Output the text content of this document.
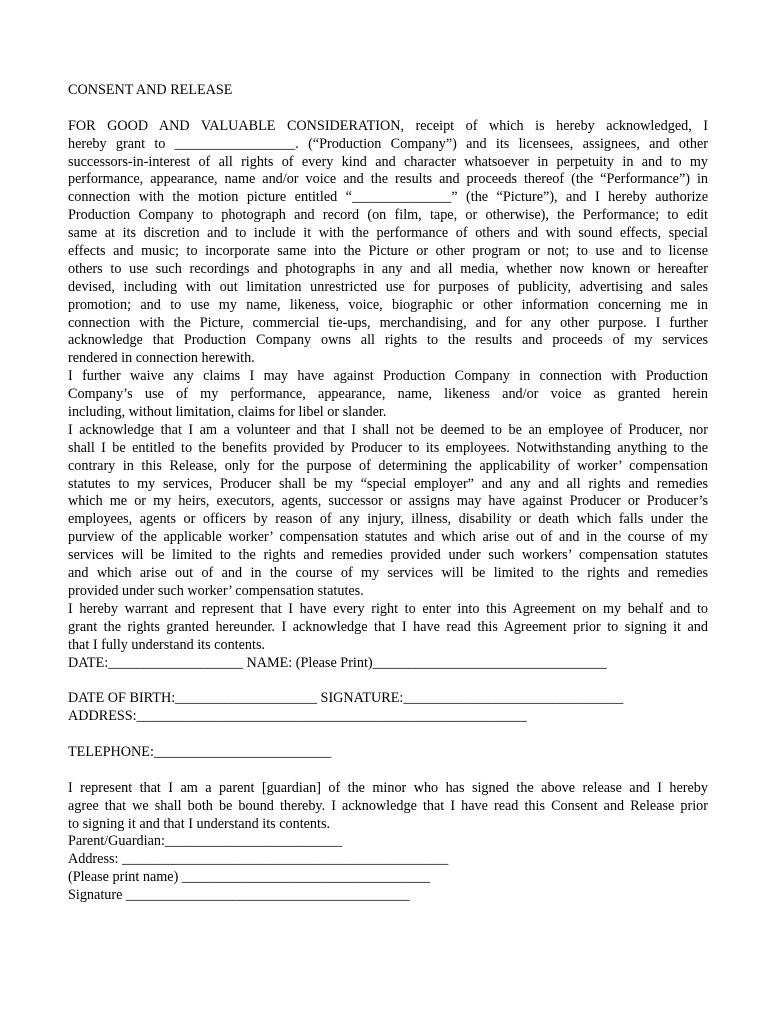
CONSENT AND RELEASE
FOR GOOD AND VALUABLE CONSIDERATION, receipt of which is hereby acknowledged, I
hereby grant to _________________. (“Production Company”) and its licensees, assignees, and other
successors-in-interest of all rights of every kind and character whatsoever in perpetuity in and to my
performance, appearance, name and/or voice and the results and proceeds thereof (the “Performance”) in
connection with the motion picture entitled “______________” (the “Picture”), and I hereby authorize
Production Company to photograph and record (on film, tape, or otherwise), the Performance; to edit
same at its discretion and to include it with the performance of others and with sound effects, special
effects and music; to incorporate same into the Picture or other program or not; to use and to license
others to use such recordings and photographs in any and all media, whether now known or hereafter
devised, including with out limitation unrestricted use for purposes of publicity, advertising and sales
promotion; and to use my name, likeness, voice, biographic or other information concerning me in
connection with the Picture, commercial tie-ups, merchandising, and for any other purpose. I further
acknowledge that Production Company owns all rights to the results and proceeds of my services
rendered in connection herewith.
I further waive any claims I may have against Production Company in connection with Production
Company’s use of my performance, appearance, name, likeness and/or voice as granted herein
including, without limitation, claims for libel or slander.
I acknowledge that I am a volunteer and that I shall not be deemed to be an employee of Producer, nor
shall I be entitled to the benefits provided by Producer to its employees. Notwithstanding anything to the
contrary in this Release, only for the purpose of determining the applicability of worker’ compensation
statutes to my services, Producer shall be my “special employer” and any and all rights and remedies
which me or my heirs, executors, agents, successor or assigns may have against Producer or Producer’s
employees, agents or officers by reason of any injury, illness, disability or death which falls under the
purview of the applicable worker’ compensation statutes and which arise out of and in the course of my
services will be limited to the rights and remedies provided under such workers’ compensation statutes
and which arise out of and in the course of my services will be limited to the rights and remedies
provided under such worker’ compensation statutes.
I hereby warrant and represent that I have every right to enter into this Agreement on my behalf and to
grant the rights granted hereunder. I acknowledge that I have read this Agreement prior to signing it and
that I fully understand its contents.
DATE:___________________ NAME: (Please Print)_________________________________
DATE OF BIRTH:____________________ SIGNATURE:_______________________________
ADDRESS:_______________________________________________________
TELEPHONE:_________________________
I represent that I am a parent [guardian] of the minor who has signed the above release and I hereby
agree that we shall both be bound thereby. I acknowledge that I have read this Consent and Release prior
to signing it and that I understand its contents.
Parent/Guardian:_________________________
Address: ______________________________________________
(Please print name) ___________________________________
Signature ________________________________________
